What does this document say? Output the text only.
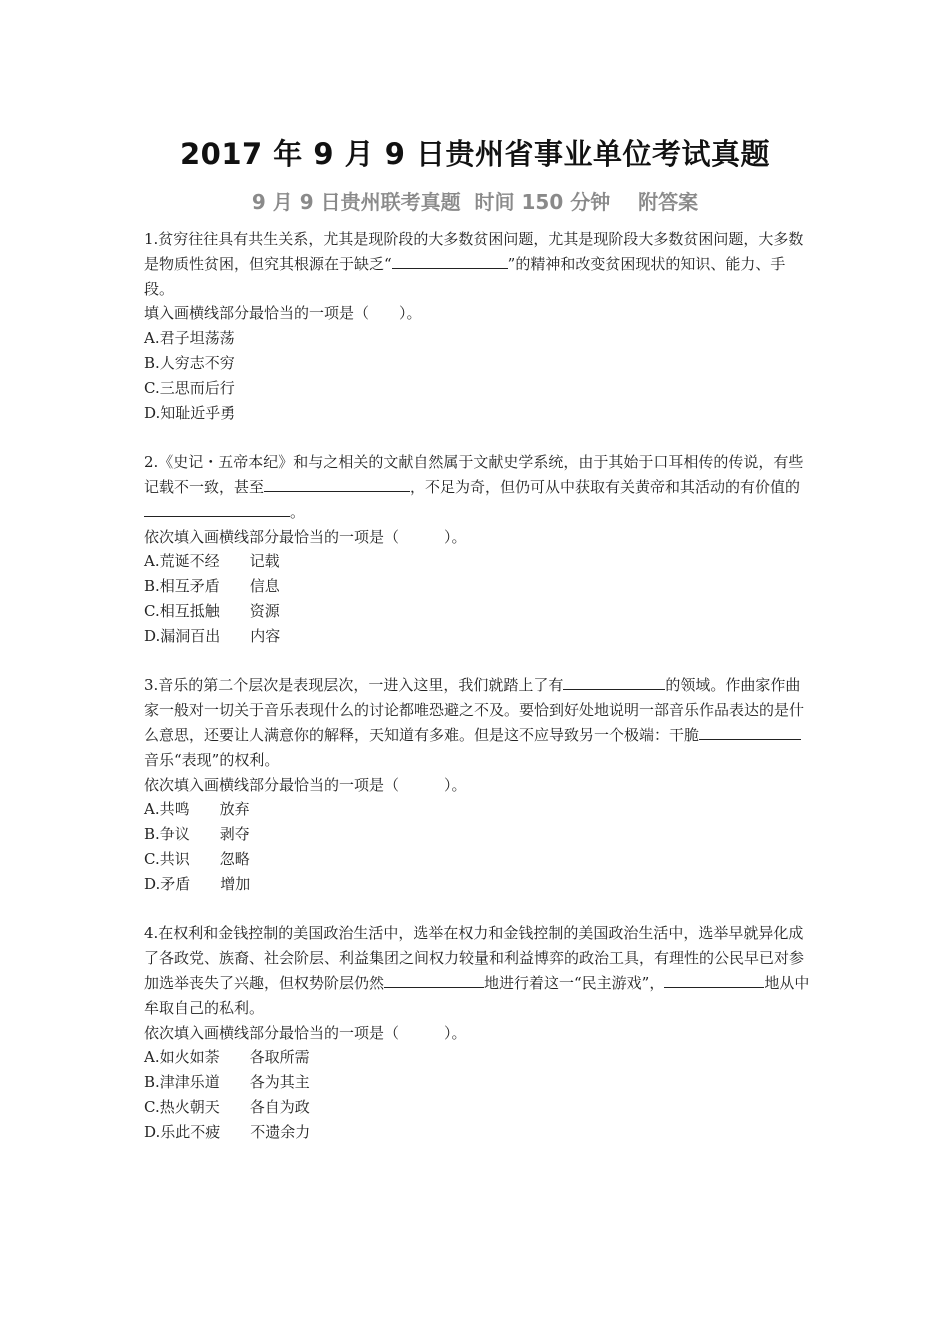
2017 年 9 月 9 日贵州省事业单位考试真题
9 月 9 日贵州联考真题  时间 150 分钟    附答案

1.贫穷往往具有共生关系，尤其是现阶段的大多数贫困问题，尤其是现阶段大多数贫困问题，大多数是物质性贫困，但究其根源在于缺乏“	”的精神和改变贫困现状的知识、能力、手段。

填入画横线部分最恰当的一项是（　　）。

A.君子坦荡荡

B.人穷志不穷

C.三思而后行

D.知耻近乎勇

2.《史记・五帝本纪》和与之相关的文献自然属于文献史学系统，由于其始于口耳相传的传说，有些记载不一致，甚至	，不足为奇，但仍可从中获取有关黄帝和其活动的有价值的。

依次填入画横线部分最恰当的一项是（　　　）。

A.荒诞不经　　记载

B.相互矛盾　　信息

C.相互抵触　　资源

D.漏洞百出　　内容

3.音乐的第二个层次是表现层次，一进入这里，我们就踏上了有	的领域。作曲家作曲家一般对一切关于音乐表现什么的讨论都唯恐避之不及。要恰到好处地说明一部音乐作品表达的是什么意思，还要让人满意你的解释，天知道有多难。但是这不应导致另一个极端：干脆音乐“表现”的权利。

依次填入画横线部分最恰当的一项是（　　　）。

A.共鸣　　放弃

B.争议　　剥夺

C.共识　　忽略

D.矛盾　　增加

4.在权利和金钱控制的美国政治生活中，选举在权力和金钱控制的美国政治生活中，选举早就异化成了各政党、族裔、社会阶层、利益集团之间权力较量和利益博弈的政治工具，有理性的公民早已对参加选举丧失了兴趣，但权势阶层仍然	地进行着这一“民主游戏”，	地从中牟取自己的私利。

依次填入画横线部分最恰当的一项是（　　　）。

A.如火如荼　　各取所需

B.津津乐道　　各为其主

C.热火朝天　　各自为政

D.乐此不疲　　不遗余力
